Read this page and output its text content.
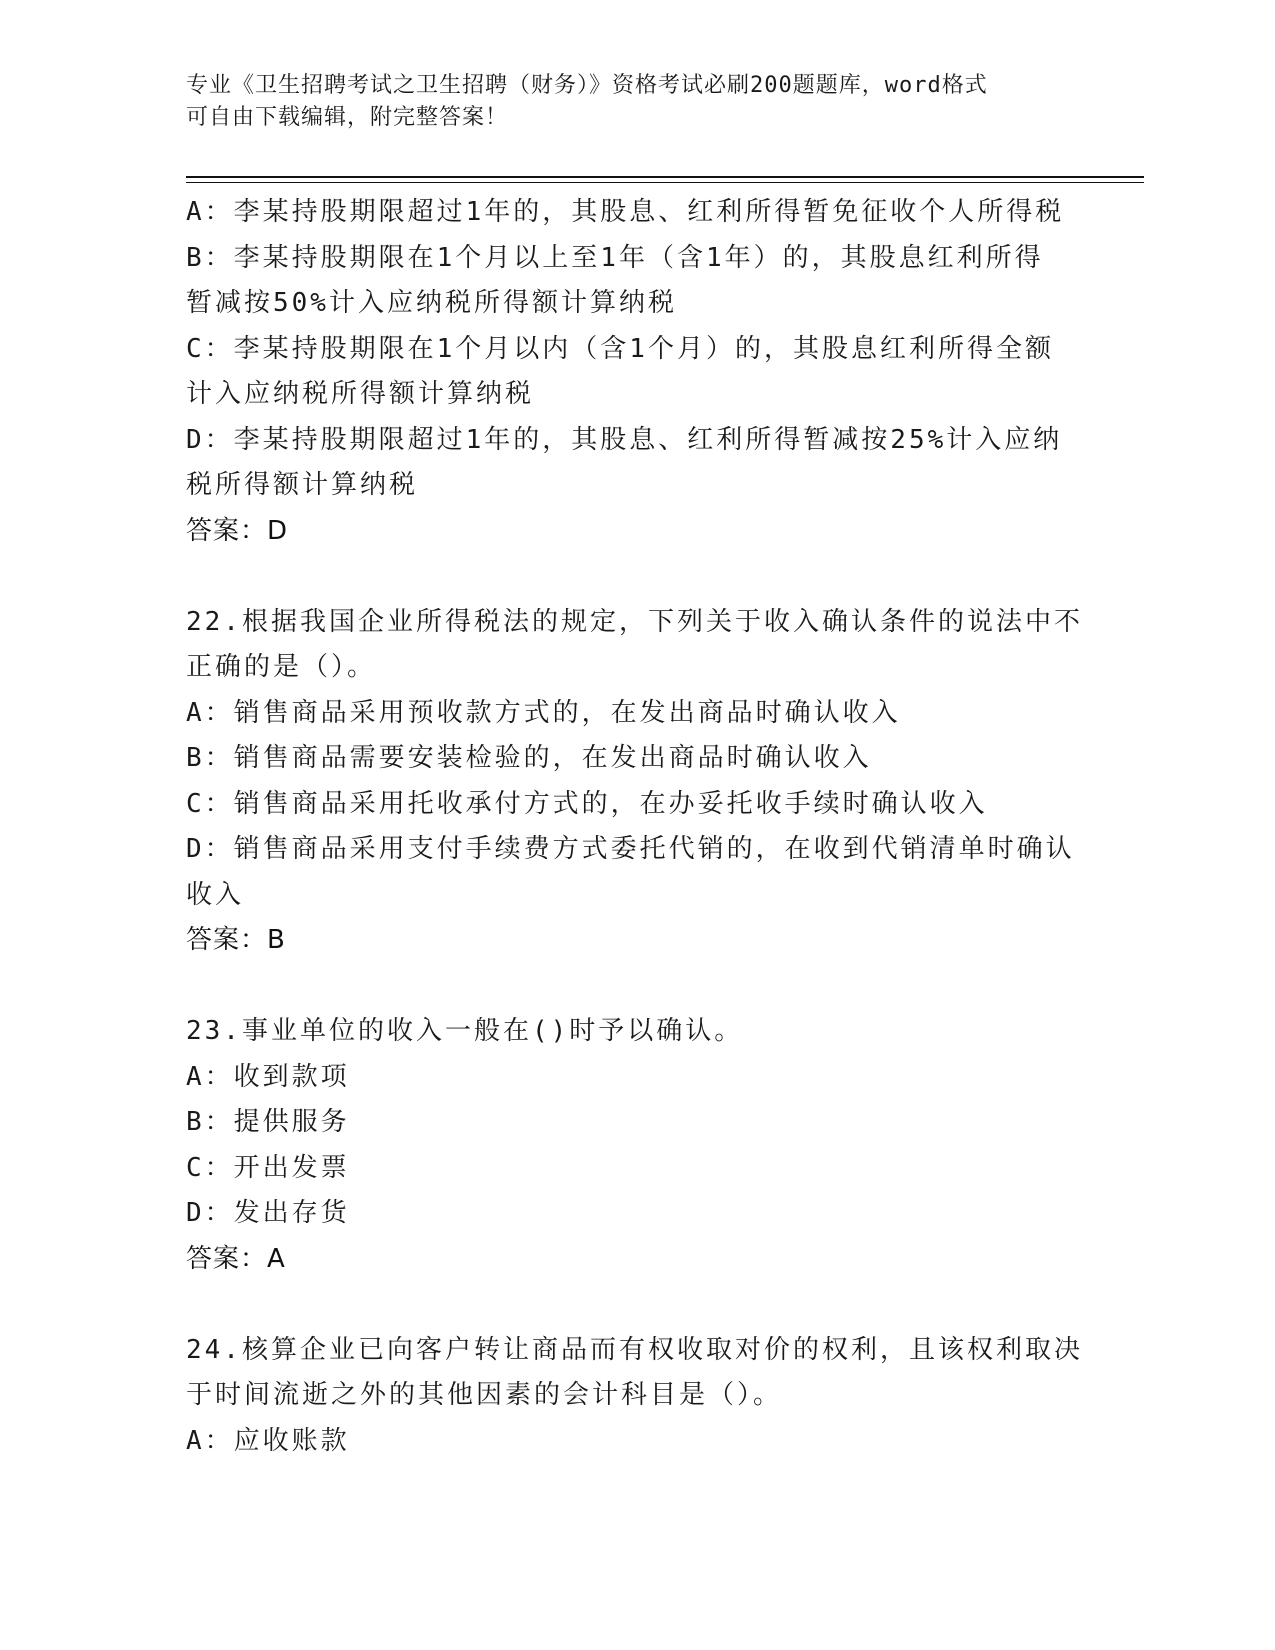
专业《卫生招聘考试之卫生招聘（财务）》资格考试必刷200题题库，word格式
可自由下载编辑，附完整答案！
A：李某持股期限超过1年的，其股息、红利所得暂免征收个人所得税
B：李某持股期限在1个月以上至1年（含1年）的，其股息红利所得
暂减按50%计入应纳税所得额计算纳税
C：李某持股期限在1个月以内（含1个月）的，其股息红利所得全额
计入应纳税所得额计算纳税
D：李某持股期限超过1年的，其股息、红利所得暂减按25%计入应纳
税所得额计算纳税
答案：D
22.根据我国企业所得税法的规定，下列关于收入确认条件的说法中不
正确的是（）。
A：销售商品采用预收款方式的，在发出商品时确认收入
B：销售商品需要安装检验的，在发出商品时确认收入
C：销售商品采用托收承付方式的，在办妥托收手续时确认收入
D：销售商品采用支付手续费方式委托代销的，在收到代销清单时确认
收入
答案：B
23.事业单位的收入一般在()时予以确认。
A：收到款项
B：提供服务
C：开出发票
D：发出存货
答案：A
24.核算企业已向客户转让商品而有权收取对价的权利，且该权利取决
于时间流逝之外的其他因素的会计科目是（）。
A：应收账款
